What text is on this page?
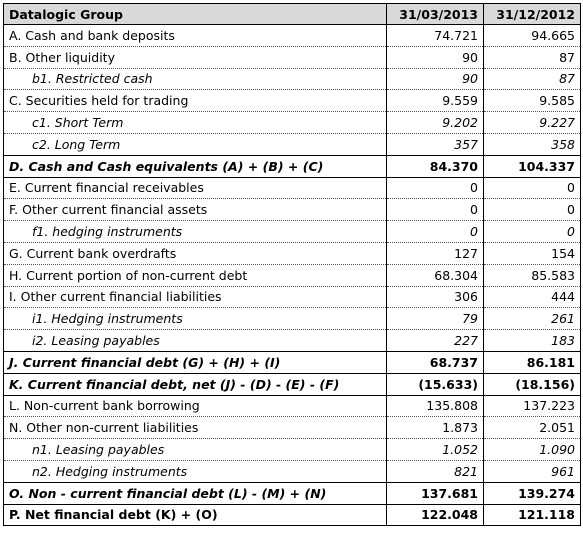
Datalogic Group	31/03/2013	31/12/2012
A. Cash and bank deposits	74.721	94.665
B. Other liquidity	90	87
b1. Restricted cash	90	87
C. Securities held for trading	9.559	9.585
c1. Short Term	9.202	9.227
c2. Long Term	357	358
D. Cash and Cash equivalents (A) + (B) + (C)	84.370	104.337
E. Current financial receivables	0	0
F. Other current financial assets	0	0
f1. hedging instruments	0	0
G. Current bank overdrafts	127	154
H. Current portion of non-current debt	68.304	85.583
I. Other current financial liabilities	306	444
i1. Hedging instruments	79	261
i2. Leasing payables	227	183
J. Current financial debt (G) + (H) + (I)	68.737	86.181
K. Current financial debt, net (J) - (D) - (E) - (F)	(15.633)	(18.156)
L. Non-current bank borrowing	135.808	137.223
N. Other non-current liabilities	1.873	2.051
n1. Leasing payables	1.052	1.090
n2. Hedging instruments	821	961
O. Non - current financial debt (L) - (M) + (N)	137.681	139.274
P. Net financial debt (K) + (O)	122.048	121.118
